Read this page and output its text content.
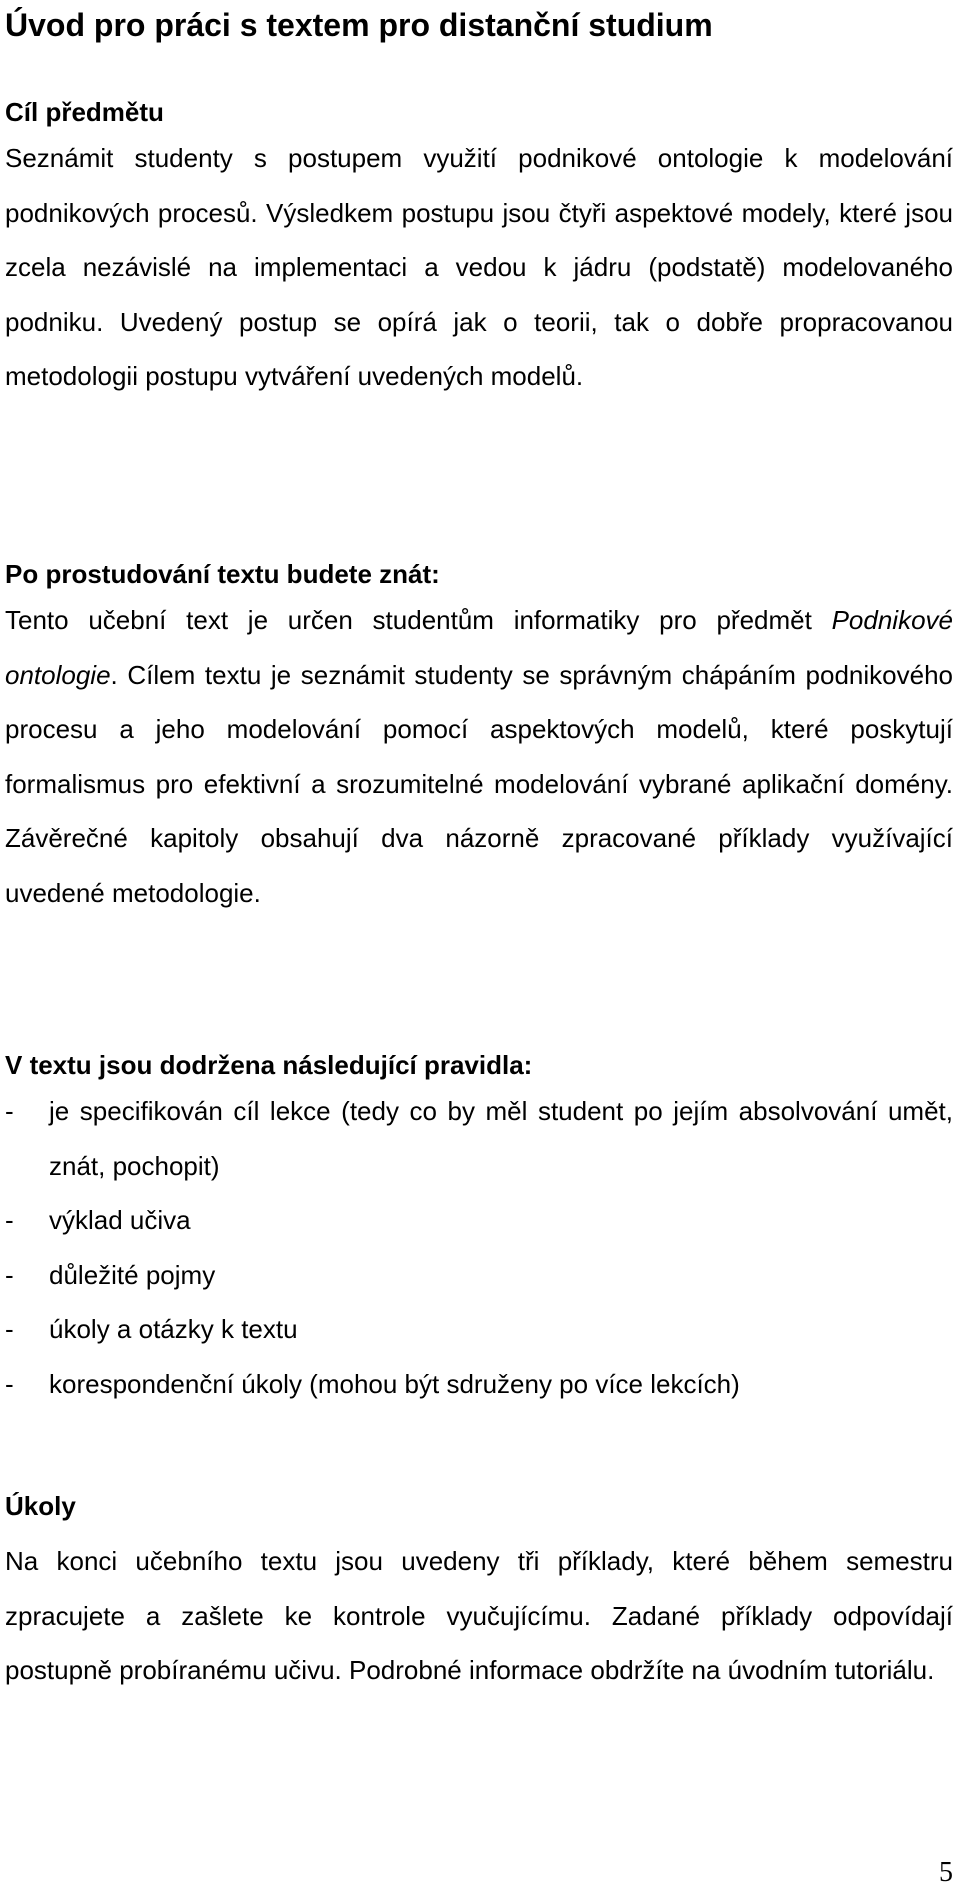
Úvod pro práci s textem pro distanční studium
Cíl předmětu

Seznámit studenty s postupem využití podnikové ontologie k modelování podnikových procesů. Výsledkem postupu jsou čtyři aspektové modely, které jsou zcela nezávislé na implementaci a vedou k jádru (podstatě) modelovaného podniku. Uvedený postup se opírá jak o teorii, tak o dobře propracovanou metodologii postupu vytváření uvedených modelů.

Po prostudování textu budete znát:

Tento učební text je určen studentům informatiky pro předmět Podnikové ontologie. Cílem textu je seznámit studenty se správným chápáním podnikového procesu a jeho modelování pomocí aspektových modelů, které poskytují formalismus pro efektivní a srozumitelné modelování vybrané aplikační domény. Závěrečné kapitoly obsahují dva názorně zpracované příklady využívající uvedené metodologie.

V textu jsou dodržena následující pravidla:
- je specifikován cíl lekce (tedy co by měl student po jejím absolvování umět, znát, pochopit)
- výklad učiva
- důležité pojmy
- úkoly a otázky k textu
- korespondenční úkoly (mohou být sdruženy po více lekcích)
Úkoly

Na konci učebního textu jsou uvedeny tři příklady, které během semestru zpracujete a zašlete ke kontrole vyučujícímu. Zadané příklady odpovídají postupně probíranému učivu. Podrobné informace obdržíte na úvodním tutoriálu.

5
